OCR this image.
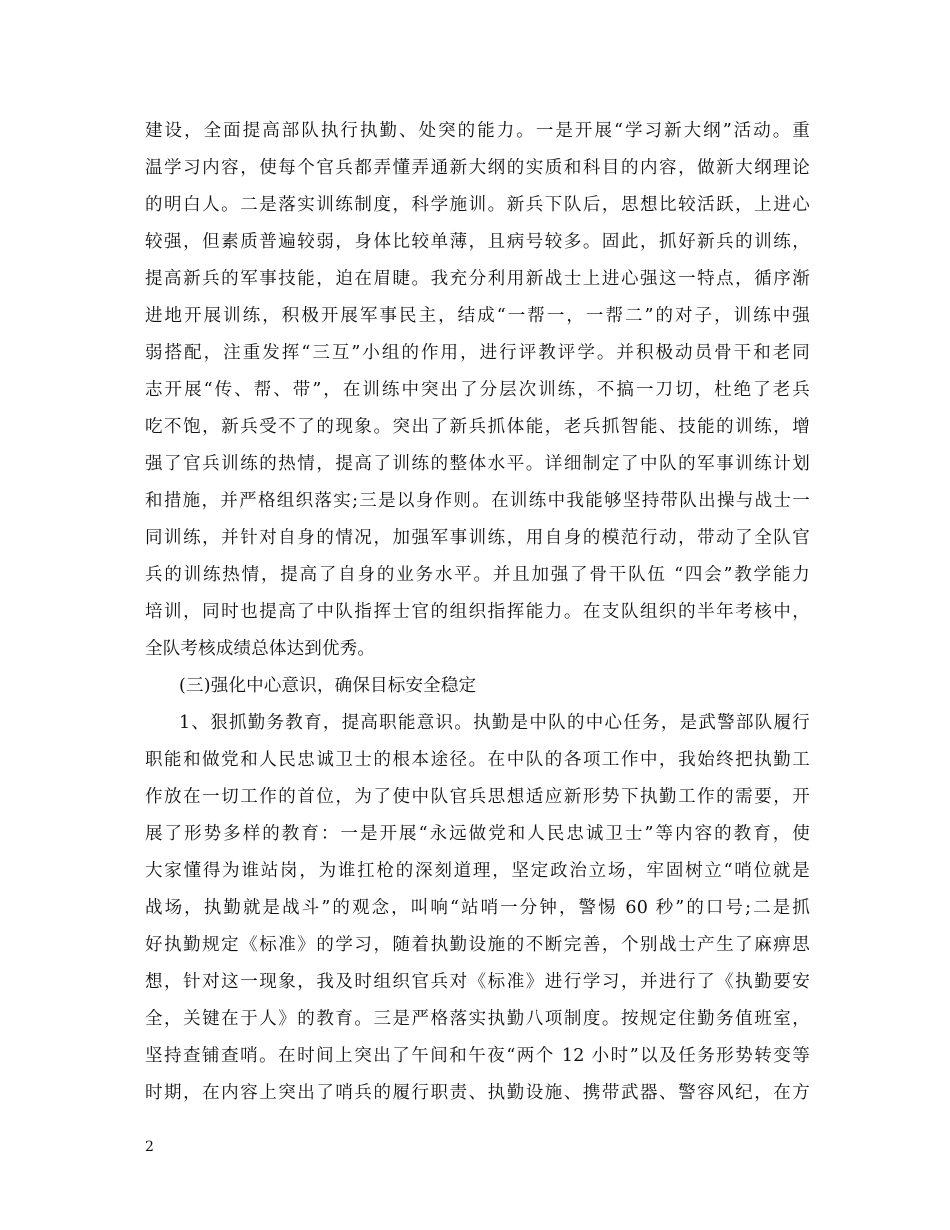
建设，全面提高部队执行执勤、处突的能力。一是开展“学习新大纲”活动。重
温学习内容，使每个官兵都弄懂弄通新大纲的实质和科目的内容，做新大纲理论
的明白人。二是落实训练制度，科学施训。新兵下队后，思想比较活跃，上进心
较强，但素质普遍较弱，身体比较单薄，且病号较多。固此，抓好新兵的训练，
提高新兵的军事技能，迫在眉睫。我充分利用新战士上进心强这一特点，循序渐
进地开展训练，积极开展军事民主，结成“一帮一，一帮二”的对子，训练中强
弱搭配，注重发挥“三互”小组的作用，进行评教评学。并积极动员骨干和老同
志开展“传、帮、带”，在训练中突出了分层次训练，不搞一刀切，杜绝了老兵
吃不饱，新兵受不了的现象。突出了新兵抓体能，老兵抓智能、技能的训练，增
强了官兵训练的热情，提高了训练的整体水平。详细制定了中队的军事训练计划
和措施，并严格组织落实;三是以身作则。在训练中我能够坚持带队出操与战士一
同训练，并针对自身的情况，加强军事训练，用自身的模范行动，带动了全队官
兵的训练热情，提高了自身的业务水平。并且加强了骨干队伍 “四会”教学能力
培训，同时也提高了中队指挥士官的组织指挥能力。在支队组织的半年考核中，
全队考核成绩总体达到优秀。
(三)强化中心意识，确保目标安全稳定
1、狠抓勤务教育，提高职能意识。执勤是中队的中心任务，是武警部队履行
职能和做党和人民忠诚卫士的根本途径。在中队的各项工作中，我始终把执勤工
作放在一切工作的首位，为了使中队官兵思想适应新形势下执勤工作的需要，开
展了形势多样的教育：一是开展“永远做党和人民忠诚卫士”等内容的教育，使
大家懂得为谁站岗，为谁扛枪的深刻道理，坚定政治立场，牢固树立“哨位就是
战场，执勤就是战斗”的观念，叫响“站哨一分钟，警惕 60 秒”的口号;二是抓
好执勤规定《标准》的学习，随着执勤设施的不断完善，个别战士产生了麻痹思
想，针对这一现象，我及时组织官兵对《标准》进行学习，并进行了《执勤要安
全，关键在于人》的教育。三是严格落实执勤八项制度。按规定住勤务值班室，
坚持查铺查哨。在时间上突出了午间和午夜“两个 12 小时”以及任务形势转变等
时期，在内容上突出了哨兵的履行职责、执勤设施、携带武器、警容风纪，在方
2
